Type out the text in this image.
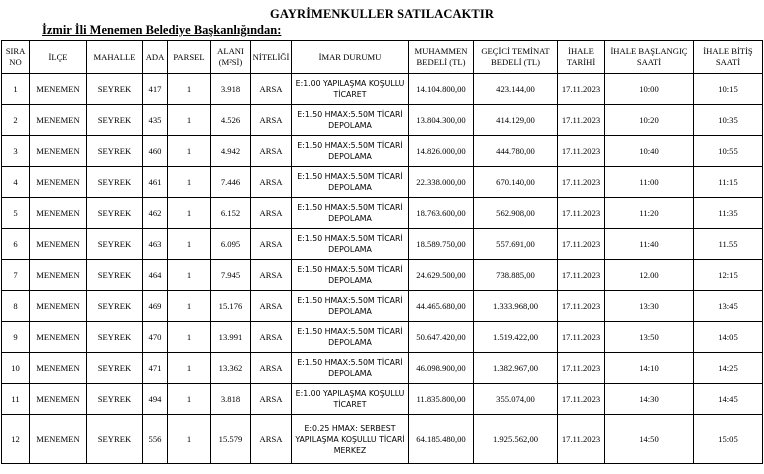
GAYRİMENKULLER SATILACAKTIR
İzmir İli Menemen Belediye Başkanlığından:
SIRA NO	İLÇE	MAHALLE	ADA	PARSEL	ALANI (M²Sİ)	NİTELİĞİ	İMAR DURUMU	MUHAMMEN BEDELİ (TL)	GEÇİCİ TEMİNAT BEDELİ (TL)	İHALE TARİHİ	İHALE BAŞLANGIÇ SAATİ	İHALE BİTİŞ SAATİ
1	MENEMEN	SEYREK	417	1	3.918	ARSA	E:1.00 YAPILAŞMA KOŞULLU TİCARET	14.104.800,00	423.144,00	17.11.2023	10:00	10:15
2	MENEMEN	SEYREK	435	1	4.526	ARSA	E:1.50 HMAX:5.50M TİCARİ DEPOLAMA	13.804.300,00	414.129,00	17.11.2023	10:20	10:35
3	MENEMEN	SEYREK	460	1	4.942	ARSA	E:1.50 HMAX:5.50M TİCARİ DEPOLAMA	14.826.000,00	444.780,00	17.11.2023	10:40	10:55
4	MENEMEN	SEYREK	461	1	7.446	ARSA	E:1.50 HMAX:5.50M TİCARİ DEPOLAMA	22.338.000,00	670.140,00	17.11.2023	11:00	11:15
5	MENEMEN	SEYREK	462	1	6.152	ARSA	E:1.50 HMAX:5.50M TİCARİ DEPOLAMA	18.763.600,00	562.908,00	17.11.2023	11:20	11:35
6	MENEMEN	SEYREK	463	1	6.095	ARSA	E:1.50 HMAX:5.50M TİCARİ DEPOLAMA	18.589.750,00	557.691,00	17.11.2023	11:40	11.55
7	MENEMEN	SEYREK	464	1	7.945	ARSA	E:1.50 HMAX:5.50M TİCARİ DEPOLAMA	24.629.500,00	738.885,00	17.11.2023	12.00	12:15
8	MENEMEN	SEYREK	469	1	15.176	ARSA	E:1.50 HMAX:5.50M TİCARİ DEPOLAMA	44.465.680,00	1.333.968,00	17.11.2023	13:30	13:45
9	MENEMEN	SEYREK	470	1	13.991	ARSA	E:1.50 HMAX:5.50M TİCARİ DEPOLAMA	50.647.420,00	1.519.422,00	17.11.2023	13:50	14:05
10	MENEMEN	SEYREK	471	1	13.362	ARSA	E:1.50 HMAX:5.50M TİCARİ DEPOLAMA	46.098.900,00	1.382.967,00	17.11.2023	14:10	14:25
11	MENEMEN	SEYREK	494	1	3.818	ARSA	E:1.00 YAPILAŞMA KOŞULLU TİCARET	11.835.800,00	355.074,00	17.11.2023	14:30	14:45
12	MENEMEN	SEYREK	556	1	15.579	ARSA	E:0.25 HMAX: SERBEST YAPILAŞMA KOŞULLU TİCARİ MERKEZ	64.185.480,00	1.925.562,00	17.11.2023	14:50	15:05
